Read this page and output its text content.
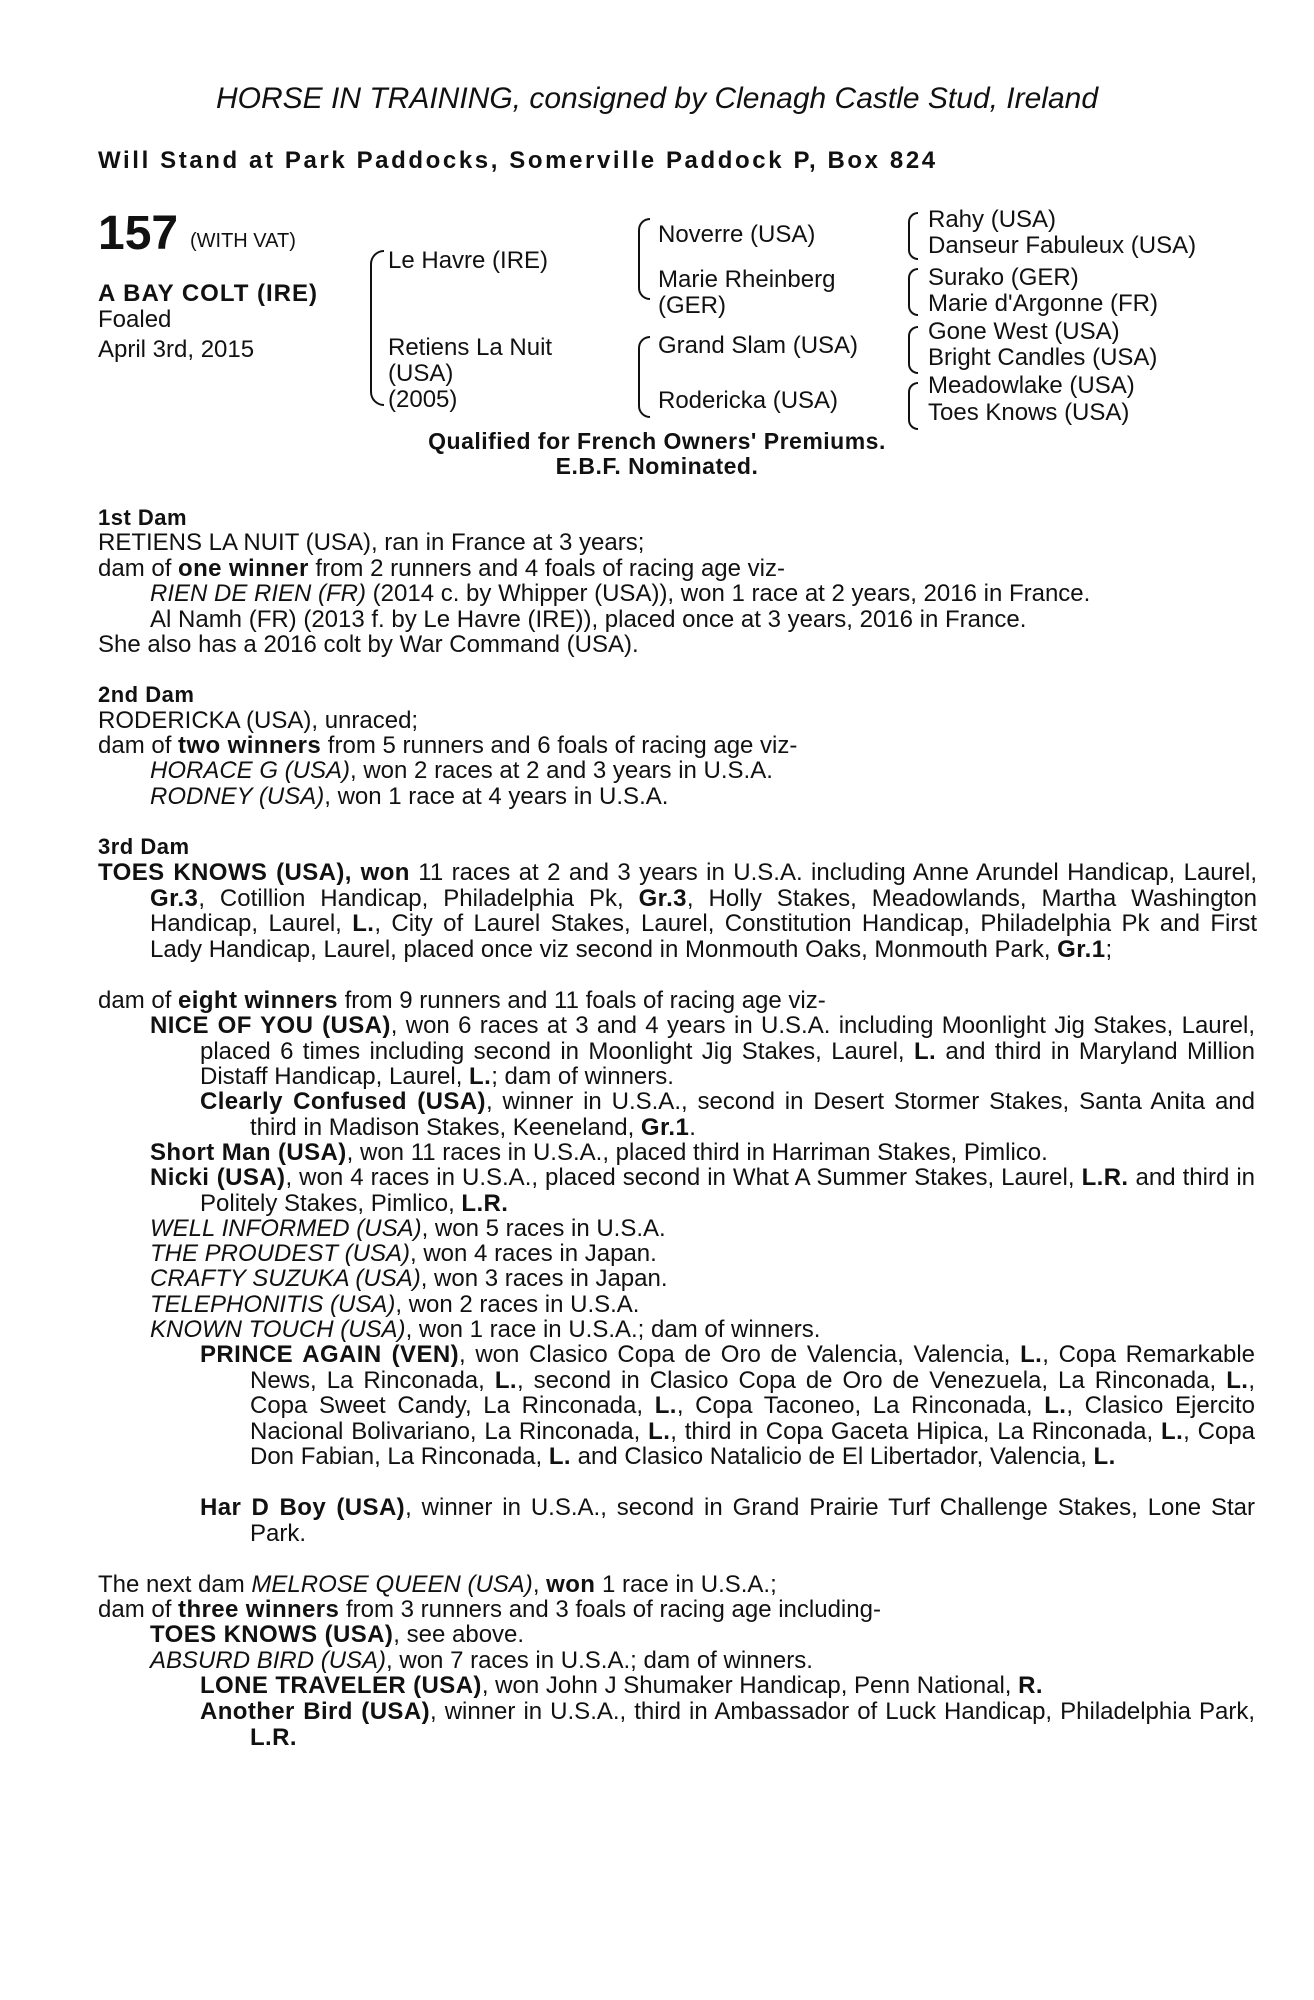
HORSE IN TRAINING, consigned by Clenagh Castle Stud, Ireland
Will Stand at Park Paddocks, Somerville Paddock P, Box 824
157 (WITH VAT)
A BAY COLT (IRE)
Foaled
April 3rd, 2015
Le Havre (IRE)
Retiens La Nuit
(USA)
(2005)
Noverre (USA)
Marie Rheinberg
(GER)
Grand Slam (USA)
Rodericka (USA)
Rahy (USA)
Danseur Fabuleux (USA)
Surako (GER)
Marie d'Argonne (FR)
Gone West (USA)
Bright Candles (USA)
Meadowlake (USA)
Toes Knows (USA)
Qualified for French Owners' Premiums.
E.B.F. Nominated.
1st Dam
RETIENS LA NUIT (USA), ran in France at 3 years;
dam of one winner from 2 runners and 4 foals of racing age viz-
RIEN DE RIEN (FR) (2014 c. by Whipper (USA)), won 1 race at 2 years, 2016 in France.
Al Namh (FR) (2013 f. by Le Havre (IRE)), placed once at 3 years, 2016 in France.
She also has a 2016 colt by War Command (USA).
2nd Dam
RODERICKA (USA), unraced;
dam of two winners from 5 runners and 6 foals of racing age viz-
HORACE G (USA), won 2 races at 2 and 3 years in U.S.A.
RODNEY (USA), won 1 race at 4 years in U.S.A.
3rd Dam
TOES KNOWS (USA), won 11 races at 2 and 3 years in U.S.A. including Anne Arundel Handicap, Laurel, Gr.3, Cotillion Handicap, Philadelphia Pk, Gr.3, Holly Stakes, Meadowlands, Martha Washington Handicap, Laurel, L., City of Laurel Stakes, Laurel, Constitution Handicap, Philadelphia Pk and First Lady Handicap, Laurel, placed once viz second in Monmouth Oaks, Monmouth Park, Gr.1;
dam of eight winners from 9 runners and 11 foals of racing age viz-
NICE OF YOU (USA), won 6 races at 3 and 4 years in U.S.A. including Moonlight Jig Stakes, Laurel, placed 6 times including second in Moonlight Jig Stakes, Laurel, L. and third in Maryland Million Distaff Handicap, Laurel, L.; dam of winners.
Clearly Confused (USA), winner in U.S.A., second in Desert Stormer Stakes, Santa Anita and third in Madison Stakes, Keeneland, Gr.1.
Short Man (USA), won 11 races in U.S.A., placed third in Harriman Stakes, Pimlico.
Nicki (USA), won 4 races in U.S.A., placed second in What A Summer Stakes, Laurel, L.R. and third in Politely Stakes, Pimlico, L.R.
WELL INFORMED (USA), won 5 races in U.S.A.
THE PROUDEST (USA), won 4 races in Japan.
CRAFTY SUZUKA (USA), won 3 races in Japan.
TELEPHONITIS (USA), won 2 races in U.S.A.
KNOWN TOUCH (USA), won 1 race in U.S.A.; dam of winners.
PRINCE AGAIN (VEN), won Clasico Copa de Oro de Valencia, Valencia, L., Copa Remarkable News, La Rinconada, L., second in Clasico Copa de Oro de Venezuela, La Rinconada, L., Copa Sweet Candy, La Rinconada, L., Copa Taconeo, La Rinconada, L., Clasico Ejercito Nacional Bolivariano, La Rinconada, L., third in Copa Gaceta Hipica, La Rinconada, L., Copa Don Fabian, La Rinconada, L. and Clasico Natalicio de El Libertador, Valencia, L.
Har D Boy (USA), winner in U.S.A., second in Grand Prairie Turf Challenge Stakes, Lone Star Park.
The next dam MELROSE QUEEN (USA), won 1 race in U.S.A.;
dam of three winners from 3 runners and 3 foals of racing age including-
TOES KNOWS (USA), see above.
ABSURD BIRD (USA), won 7 races in U.S.A.; dam of winners.
LONE TRAVELER (USA), won John J Shumaker Handicap, Penn National, R.
Another Bird (USA), winner in U.S.A., third in Ambassador of Luck Handicap, Philadelphia Park, L.R.
